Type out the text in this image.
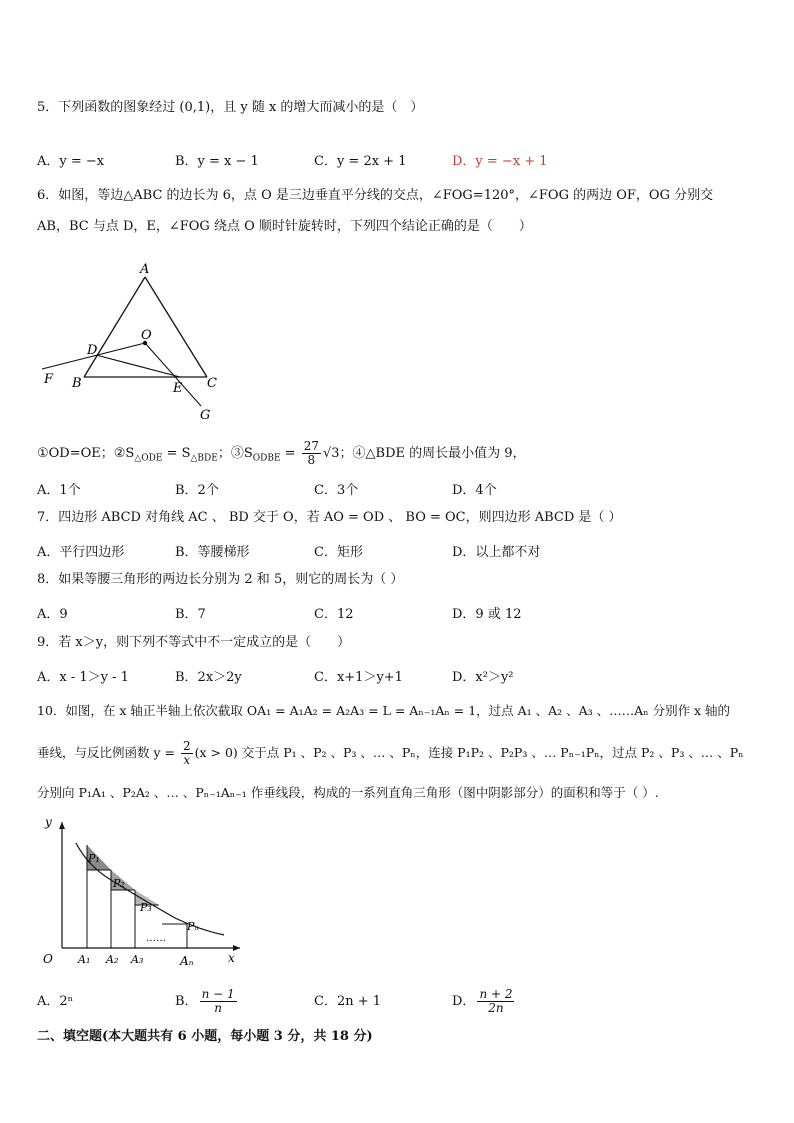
5．下列函数的图象经过 (0,1)，且 y 随 x 的增大而减小的是（　）
A．y = −x	B．y = x − 1	C．y = 2x + 1	D．y = −x + 1
6．如图，等边△ABC 的边长为 6，点 O 是三边垂直平分线的交点，∠FOG=120°，∠FOG 的两边 OF，OG 分别交
AB，BC 与点 D，E，∠FOG 绕点 O 顺时针旋转时，下列四个结论正确的是（　　）
A
O
D
F B	E C
G
①OD=OE；$②S_{\triangle ODE} = S_{\triangle BDE}$；$③S_{ODBE} = \frac{27}{8} √3$；④△BDE 的周长最小值为 9，
A．1个	B．2个	C．3个	D．4个
7．四边形 ABCD 对角线 AC 、 BD 交于 O，若 AO = OD 、 BO = OC，则四边形 ABCD 是（ ）
A．平行四边形	B．等腰梯形	C．矩形	D．以上都不对
8．如果等腰三角形的两边长分别为 2 和 5，则它的周长为（ ）
A．9	B．7	C．12	D．9 或 12
9．若 x＞y，则下列不等式中不一定成立的是（　　）
A．x - 1＞y - 1	B．2x＞2y	C．x+1＞y+1	D．x²＞y²
10．如图，在 x 轴正半轴上依次截取 OA₁ = A₁A₂ = A₂A₃ = L = Aₙ₋₁Aₙ = 1，过点 A₁ 、A₂ 、A₃ 、……Aₙ 分别作 x 轴的
垂线，与反比例函数 $y = \frac{2}{x} (x > 0)$ 交于点 P₁ 、P₂ 、P₃ 、… 、Pₙ，连接 P₁P₂ 、P₂P₃ 、… Pₙ₋₁Pₙ，过点 P₂ 、P₃ 、… 、Pₙ
分别向 P₁A₁ 、P₂A₂ 、… 、Pₙ₋₁Aₙ₋₁ 作垂线段，构成的一系列直角三角形（图中阴影部分）的面积和等于（ ）.
y
x
O
P₁
P₂
P₃
Pₙ
A₁ A₂ A₃	Aₙ
……
A．2ⁿ	B． $\frac{n - 1}{n}$	C．2n + 1	D． $\frac{n + 2}{2n}$
二、填空题(本大题共有 6 小题，每小题 3 分，共 18 分)
